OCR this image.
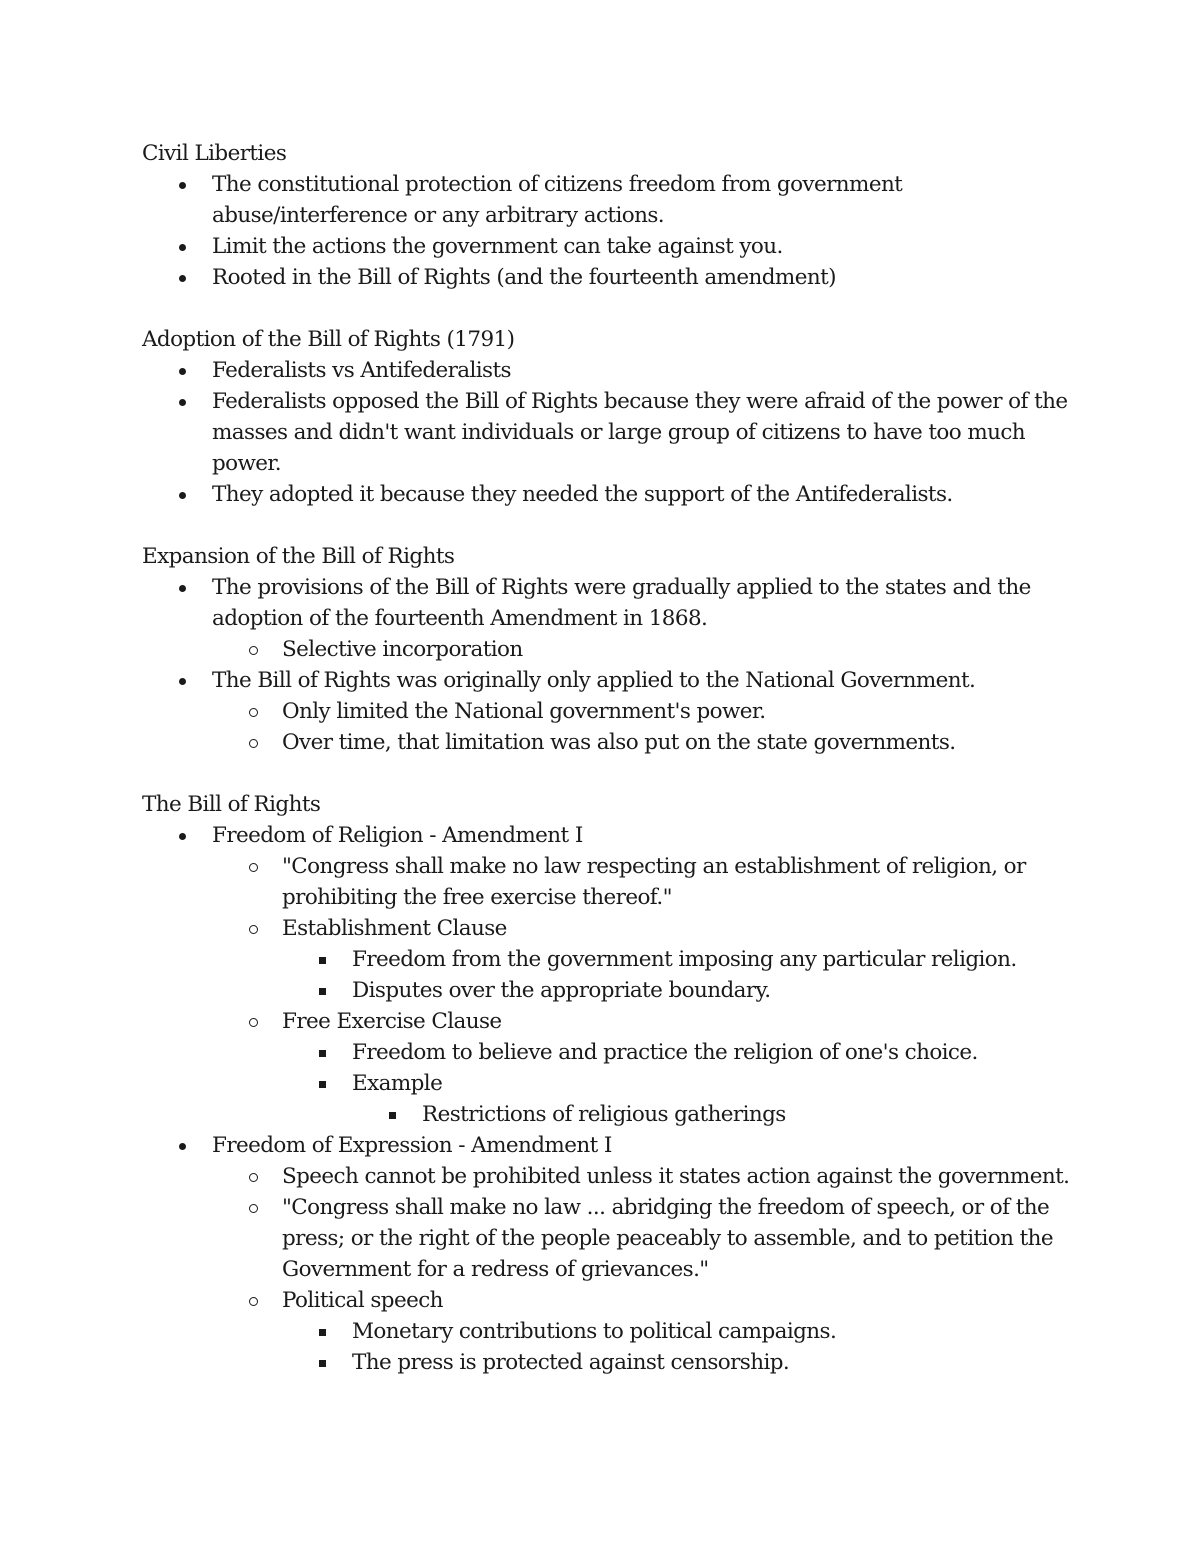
Civil Liberties

The constitutional protection of citizens freedom from government abuse/interference or any arbitrary actions.
Limit the actions the government can take against you.
Rooted in the Bill of Rights (and the fourteenth amendment)

Adoption of the Bill of Rights (1791)

Federalists vs Antifederalists
Federalists opposed the Bill of Rights because they were afraid of the power of the masses and didn't want individuals or large group of citizens to have too much power.
They adopted it because they needed the support of the Antifederalists.

Expansion of the Bill of Rights

The provisions of the Bill of Rights were gradually applied to the states and the adoption of the fourteenth Amendment in 1868.
Selective incorporation
The Bill of Rights was originally only applied to the National Government.
Only limited the National government's power.
Over time, that limitation was also put on the state governments.

The Bill of Rights

Freedom of Religion - Amendment I
"Congress shall make no law respecting an establishment of religion, or prohibiting the free exercise thereof."
Establishment Clause
Freedom from the government imposing any particular religion.
Disputes over the appropriate boundary.
Free Exercise Clause
Freedom to believe and practice the religion of one's choice.
Example
Restrictions of religious gatherings
Freedom of Expression - Amendment I
Speech cannot be prohibited unless it states action against the government.
"Congress shall make no law ... abridging the freedom of speech, or of the press; or the right of the people peaceably to assemble, and to petition the Government for a redress of grievances."
Political speech
Monetary contributions to political campaigns.
The press is protected against censorship.
